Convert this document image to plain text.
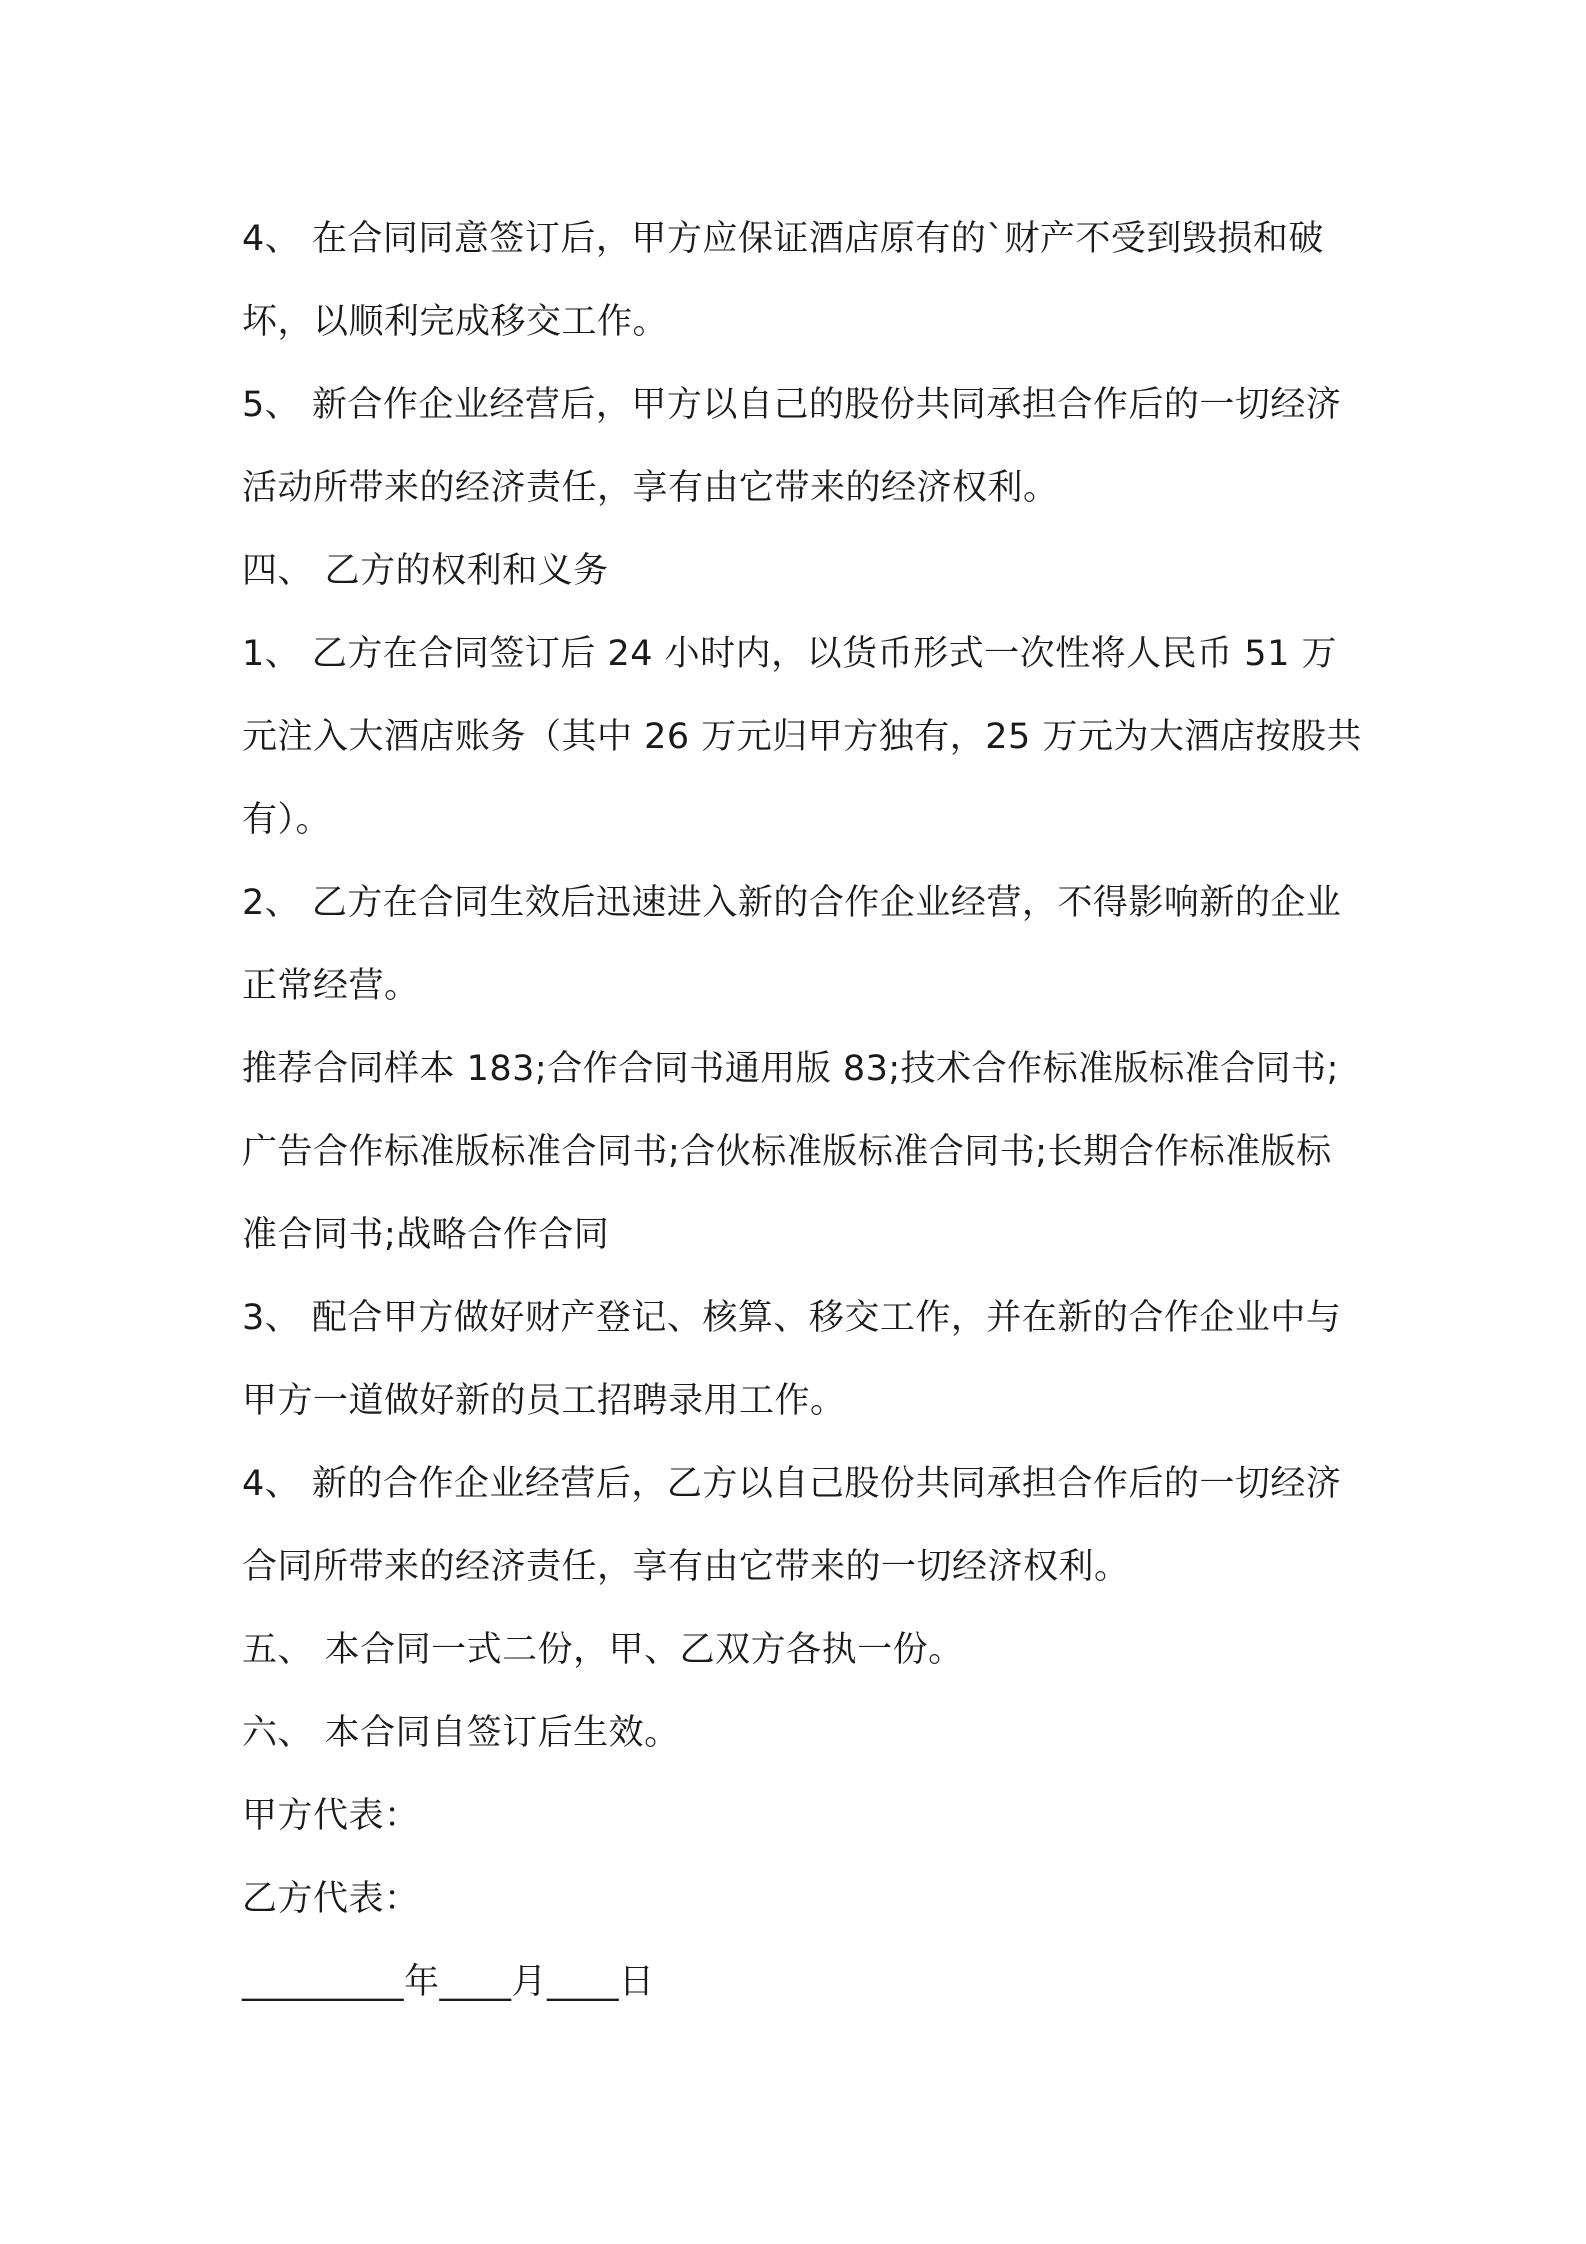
4、 在合同同意签订后，甲方应保证酒店原有的`财产不受到毁损和破坏，以顺利完成移交工作。

5、 新合作企业经营后，甲方以自己的股份共同承担合作后的一切经济活动所带来的经济责任，享有由它带来的经济权利。

四、 乙方的权利和义务

1、 乙方在合同签订后 24 小时内，以货币形式一次性将人民币 51 万元注入大酒店账务（其中 26 万元归甲方独有，25 万元为大酒店按股共有）。

2、 乙方在合同生效后迅速进入新的合作企业经营，不得影响新的企业正常经营。

推荐合同样本 183;合作合同书通用版 83;技术合作标准版标准合同书;广告合作标准版标准合同书;合伙标准版标准合同书;长期合作标准版标准合同书;战略合作合同

3、 配合甲方做好财产登记、核算、移交工作，并在新的合作企业中与甲方一道做好新的员工招聘录用工作。

4、 新的合作企业经营后，乙方以自己股份共同承担合作后的一切经济合同所带来的经济责任，享有由它带来的一切经济权利。

五、 本合同一式二份，甲、乙双方各执一份。

六、 本合同自签订后生效。

甲方代表：

乙方代表：

_________年____月____日
